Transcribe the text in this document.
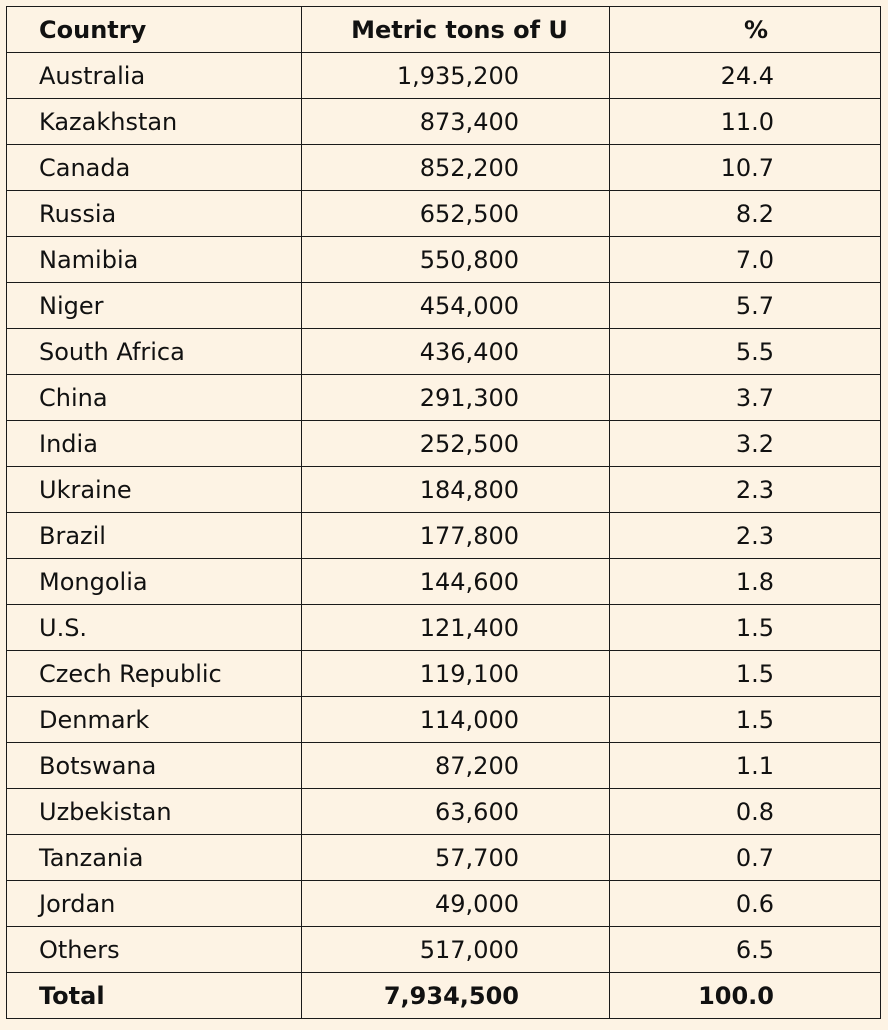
Country	Metric tons of U	%
Australia	1,935,200	24.4
Kazakhstan	873,400	11.0
Canada	852,200	10.7
Russia	652,500	8.2
Namibia	550,800	7.0
Niger	454,000	5.7
South Africa	436,400	5.5
China	291,300	3.7
India	252,500	3.2
Ukraine	184,800	2.3
Brazil	177,800	2.3
Mongolia	144,600	1.8
U.S.	121,400	1.5
Czech Republic	119,100	1.5
Denmark	114,000	1.5
Botswana	87,200	1.1
Uzbekistan	63,600	0.8
Tanzania	57,700	0.7
Jordan	49,000	0.6
Others	517,000	6.5
Total	7,934,500	100.0
